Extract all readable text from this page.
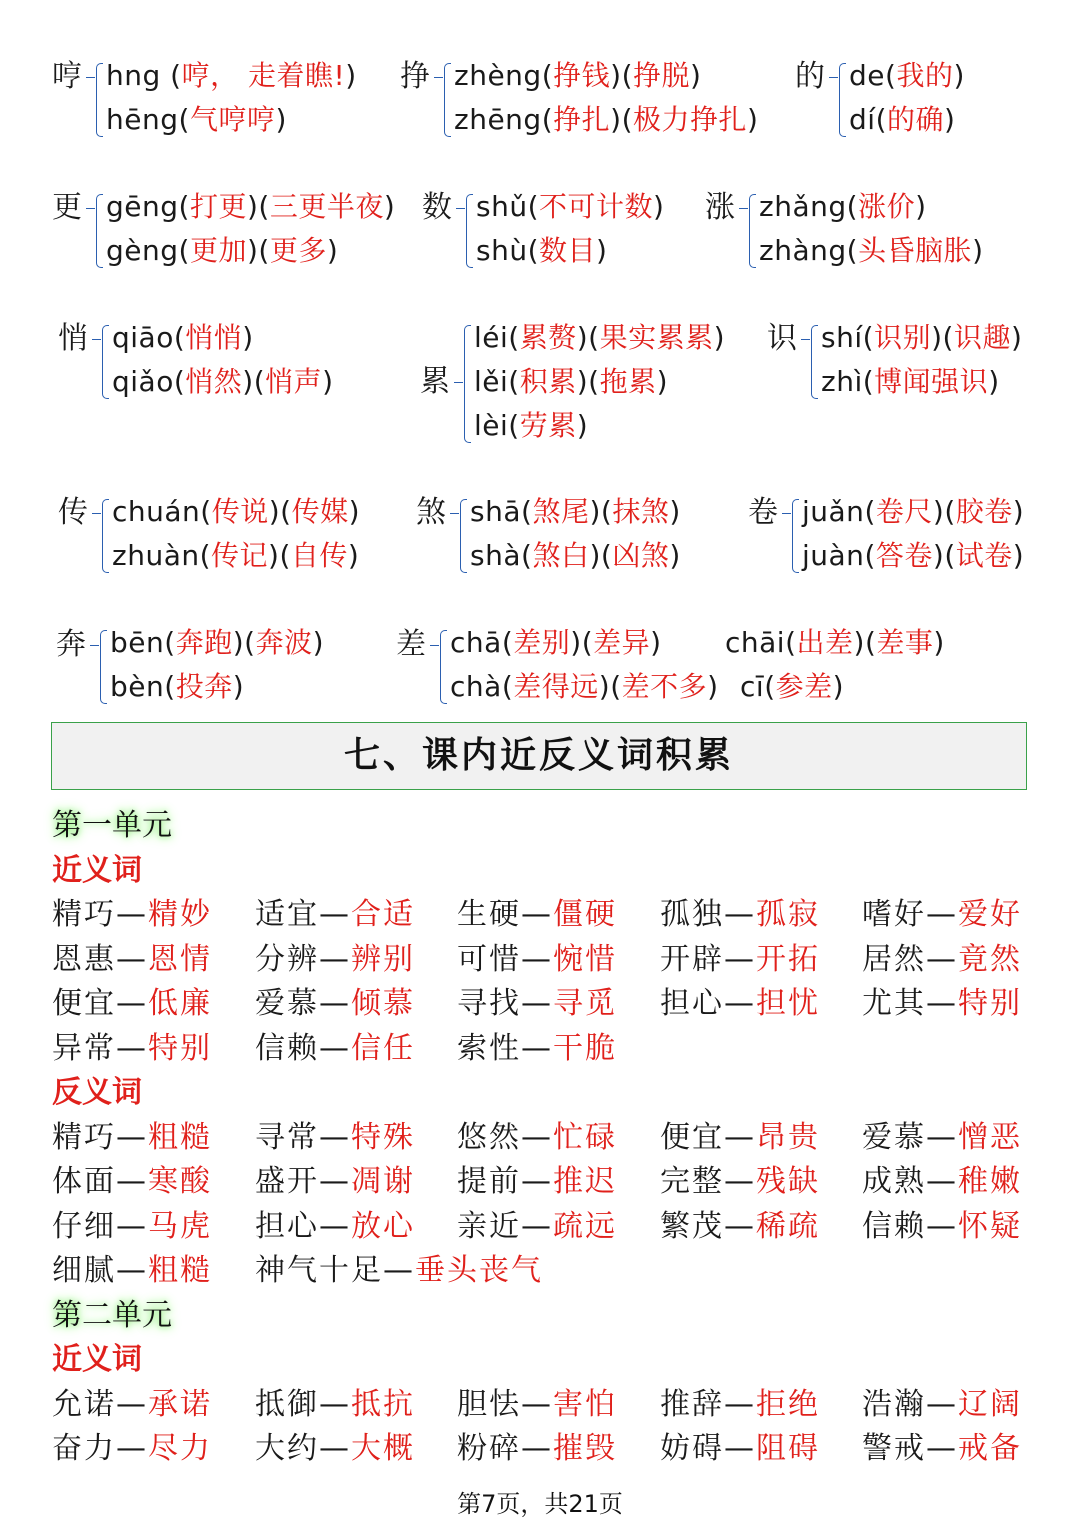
哼 hng (哼， 走着瞧!)
hēng(气哼哼)
挣 zhèng(挣钱)(挣脱)
zhēng(挣扎)(极力挣扎)
的 de(我的)
dí(的确)
更 gēng(打更)(三更半夜)
gèng(更加)(更多)
数 shǔ(不可计数)
shù(数目)
涨 zhǎng(涨价)
zhàng(头昏脑胀)
悄 qiāo(悄悄)
qiǎo(悄然)(悄声)	累
léi(累赘)(果实累累)
lěi(积累)(拖累)
lèi(劳累)
识 shí(识别)(识趣)
zhì(博闻强识)
传 chuán(传说)(传媒)
zhuàn(传记)(自传)
煞 shā(煞尾)(抹煞)
shà(煞白)(凶煞)
卷 juǎn(卷尺)(胶卷)
juàn(答卷)(试卷)
奔 bēn(奔跑)(奔波)
bèn(投奔)
差 chā(差别)(差异)
chà(差得远)(差不多)
chāi(出差)(差事)
cī(参差)
七、课内近反义词积累
第一单元
近义词
精巧—精妙 适宜—合适 生硬—僵硬 孤独—孤寂 嗜好—爱好
恩惠—恩情 分辨—辨别 可惜—惋惜 开辟—开拓 居然—竟然
便宜—低廉 爱慕—倾慕 寻找—寻觅 担心—担忧 尤其—特别
异常—特别 信赖—信任 索性—干脆
反义词
精巧—粗糙 寻常—特殊 悠然—忙碌 便宜—昂贵 爱慕—憎恶
体面—寒酸 盛开—凋谢 提前—推迟 完整—残缺 成熟—稚嫩
仔细—马虎 担心—放心 亲近—疏远 繁茂—稀疏 信赖—怀疑
细腻—粗糙 神气十足—垂头丧气
第二单元
近义词
允诺—承诺 抵御—抵抗 胆怯—害怕 推辞—拒绝 浩瀚—辽阔
奋力—尽力 大约—大概 粉碎—摧毁 妨碍—阻碍 警戒—戒备
第7页，共21页
